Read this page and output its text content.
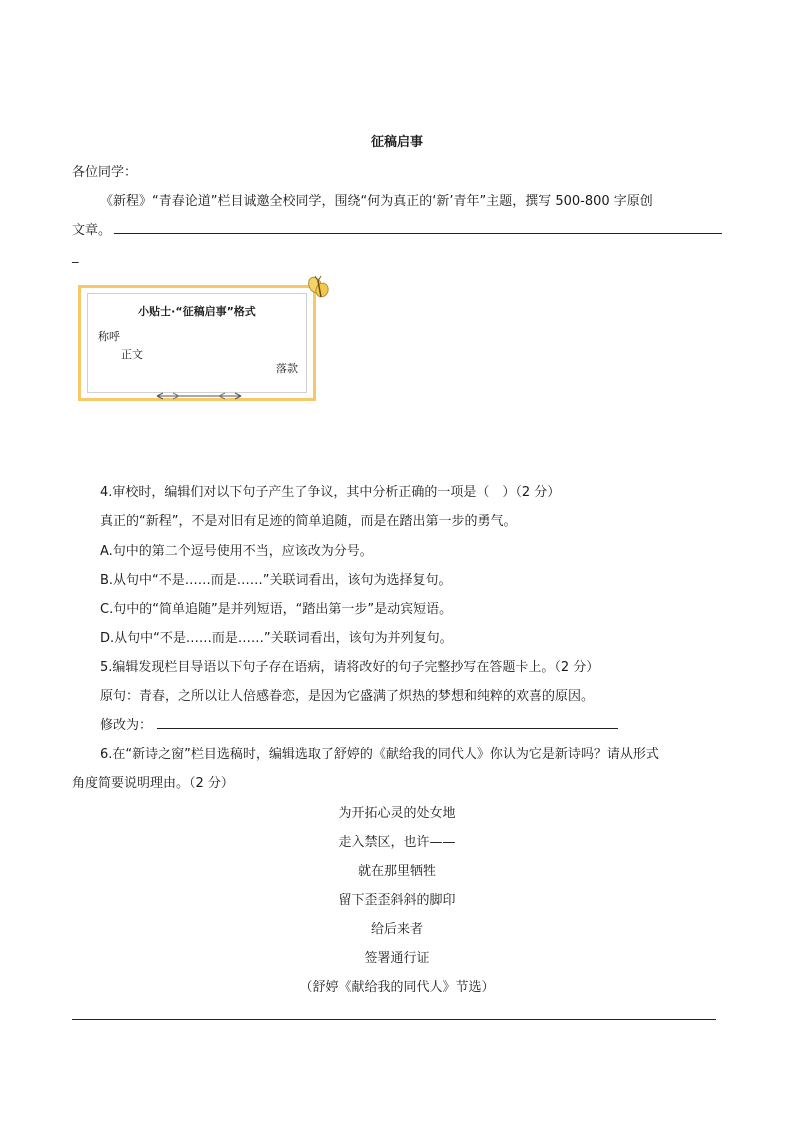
征稿启事
各位同学：
《新程》“青春论道”栏目诚邀全校同学，围绕“何为真正的‘新’青年”主题，撰写 500-800 字原创
文章。
_
小贴士·“征稿启事”格式
称呼
正文
落款
4.审校时，编辑们对以下句子产生了争议，其中分析正确的一项是（　）（2 分）
真正的“新程”，不是对旧有足迹的简单追随，而是在踏出第一步的勇气。
A.句中的第二个逗号使用不当，应该改为分号。
B.从句中“不是……而是……”关联词看出，该句为选择复句。
C.句中的“简单追随”是并列短语，“踏出第一步”是动宾短语。
D.从句中“不是……而是……”关联词看出，该句为并列复句。
5.编辑发现栏目导语以下句子存在语病，请将改好的句子完整抄写在答题卡上。（2 分）
原句：青春，之所以让人倍感眷恋，是因为它盛满了炽热的梦想和纯粹的欢喜的原因。
修改为：
6.在“新诗之窗”栏目选稿时，编辑选取了舒婷的《献给我的同代人》你认为它是新诗吗？请从形式
角度简要说明理由。（2 分）
为开拓心灵的处女地
走入禁区，也许——
就在那里牺牲
留下歪歪斜斜的脚印
给后来者
签署通行证
（舒婷《献给我的同代人》节选）
